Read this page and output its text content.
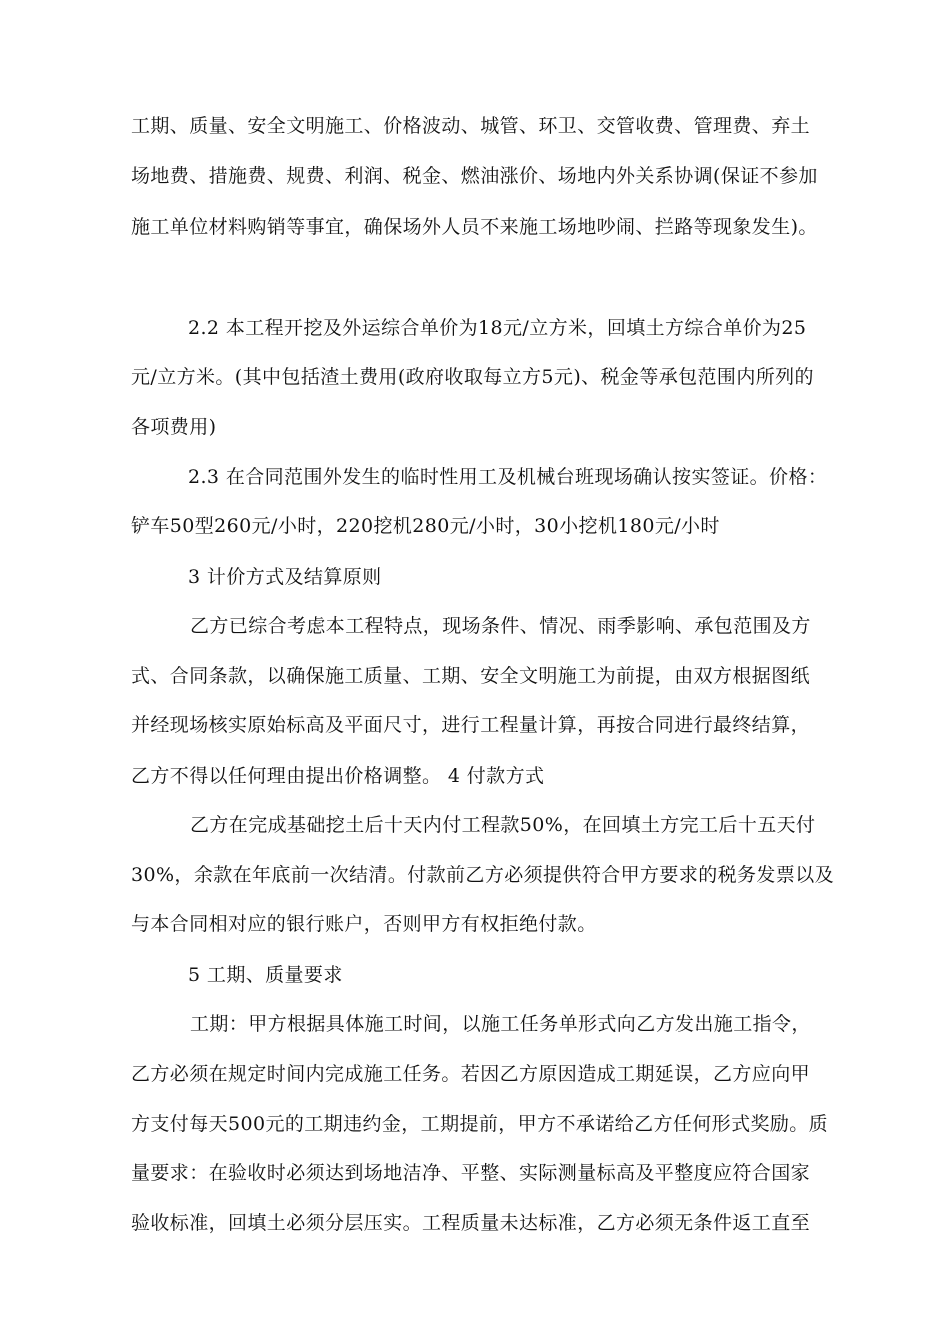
工期、质量、安全文明施工、价格波动、城管、环卫、交管收费、管理费、弃土
场地费、措施费、规费、利润、税金、燃油涨价、场地内外关系协调(保证不参加
施工单位材料购销等事宜，确保场外人员不来施工场地吵闹、拦路等现象发生)。
2.2 本工程开挖及外运综合单价为18元/立方米，回填土方综合单价为25
元/立方米。(其中包括渣土费用(政府收取每立方5元)、税金等承包范围内所列的
各项费用)
2.3 在合同范围外发生的临时性用工及机械台班现场确认按实签证。价格：
铲车50型260元/小时，220挖机280元/小时，30小挖机180元/小时
3 计价方式及结算原则
乙方已综合考虑本工程特点，现场条件、情况、雨季影响、承包范围及方
式、合同条款，以确保施工质量、工期、安全文明施工为前提，由双方根据图纸
并经现场核实原始标高及平面尺寸，进行工程量计算，再按合同进行最终结算，
乙方不得以任何理由提出价格调整。 4 付款方式
乙方在完成基础挖土后十天内付工程款50%，在回填土方完工后十五天付
30%，余款在年底前一次结清。付款前乙方必须提供符合甲方要求的税务发票以及
与本合同相对应的银行账户，否则甲方有权拒绝付款。
5 工期、质量要求
工期：甲方根据具体施工时间，以施工任务单形式向乙方发出施工指令，
乙方必须在规定时间内完成施工任务。若因乙方原因造成工期延误，乙方应向甲
方支付每天500元的工期违约金，工期提前，甲方不承诺给乙方任何形式奖励。质
量要求：在验收时必须达到场地洁净、平整、实际测量标高及平整度应符合国家
验收标准，回填土必须分层压实。工程质量未达标准，乙方必须无条件返工直至
